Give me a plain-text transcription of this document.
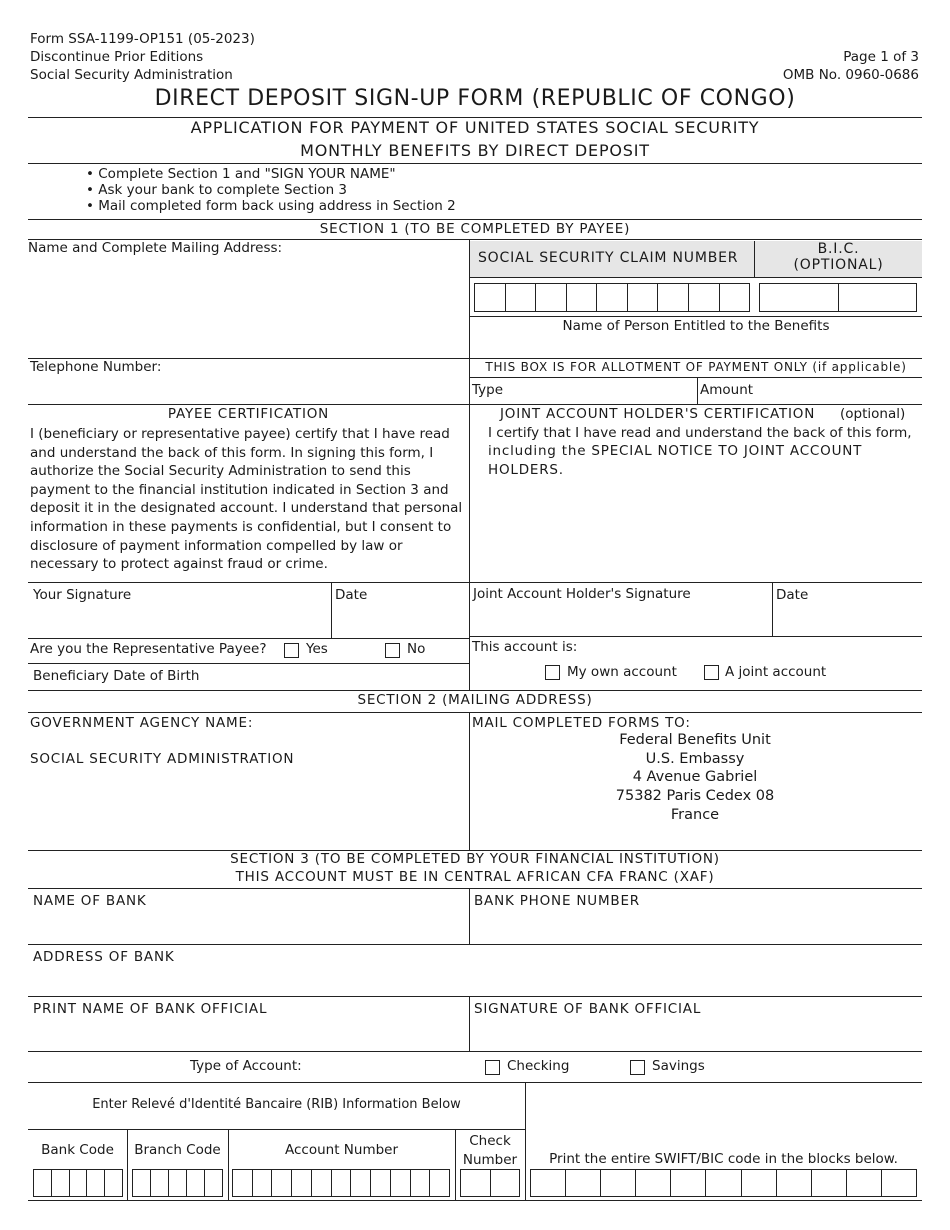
Form SSA-1199-OP151 (05-2023)
Discontinue Prior Editions
Social Security Administration
Page 1 of 3
OMB No. 0960-0686
DIRECT DEPOSIT SIGN-UP FORM (REPUBLIC OF CONGO)
APPLICATION FOR PAYMENT OF UNITED STATES SOCIAL SECURITY
MONTHLY BENEFITS BY DIRECT DEPOSIT
• Complete Section 1 and "SIGN YOUR NAME"
• Ask your bank to complete Section 3
• Mail completed form back using address in Section 2
SECTION 1 (TO BE COMPLETED BY PAYEE)
Name and Complete Mailing Address:
SOCIAL SECURITY CLAIM NUMBER
B.I.C.
(OPTIONAL)
Name of Person Entitled to the Benefits
Telephone Number:	THIS BOX IS FOR ALLOTMENT OF PAYMENT ONLY (if applicable)
Type	Amount
PAYEE CERTIFICATION
I (beneficiary or representative payee) certify that I have read and understand the back of this form. In signing this form, I authorize the Social Security Administration to send this payment to the financial institution indicated in Section 3 and deposit it in the designated account. I understand that personal information in these payments is confidential, but I consent to disclosure of payment information compelled by law or necessary to protect against fraud or crime.
JOINT ACCOUNT HOLDER'S CERTIFICATION (optional)
I certify that I have read and understand the back of this form,
including the SPECIAL NOTICE TO JOINT ACCOUNT
HOLDERS.
Your Signature	Date	Joint Account Holder's Signature	Date
Are you the Representative Payee?	Yes	No
Beneficiary Date of Birth
This account is:
My own account	A joint account
SECTION 2 (MAILING ADDRESS)
GOVERNMENT AGENCY NAME:
SOCIAL SECURITY ADMINISTRATION
MAIL COMPLETED FORMS TO:
Federal Benefits Unit
U.S. Embassy
4 Avenue Gabriel
75382 Paris Cedex 08
France
SECTION 3 (TO BE COMPLETED BY YOUR FINANCIAL INSTITUTION)
THIS ACCOUNT MUST BE IN CENTRAL AFRICAN CFA FRANC (XAF)
NAME OF BANK	BANK PHONE NUMBER
ADDRESS OF BANK
PRINT NAME OF BANK OFFICIAL	SIGNATURE OF BANK OFFICIAL
Type of Account:	Checking	Savings
Enter Relevé d'Identité Bancaire (RIB) Information Below
Bank Code	Branch Code	Account Number
Check
Number	Print the entire SWIFT/BIC code in the blocks below.
